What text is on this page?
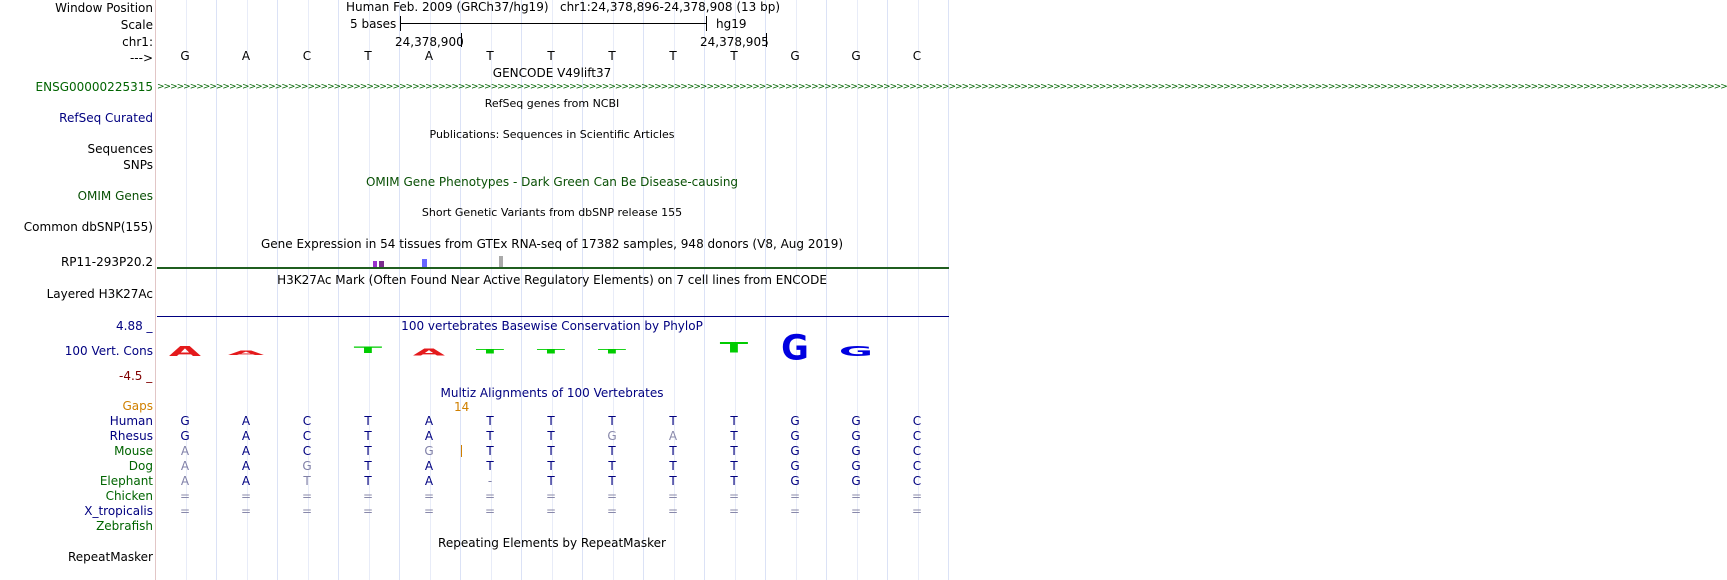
Window Position
Scale
chr1:
--->
Human Feb. 2009 (GRCh37/hg19) chr1:24,378,896-24,378,908 (13 bp)
5 bases	hg19
24,378,900	24,378,905
G	A	C	T	A	T	T	T	T	T	G	G	C
GENCODE V49lift37
ENSG00000225315 >>>>>>>>>>>>>>>>>>>>>>>>>>>>>>>>>>>>>>>>>>>>>>>>>>>>>>>>>>>>>>>>>>>>>>>>>>>>>>>>>>>>>>>>>>>>>>>>>>>>>>>>>>>>>>>>>>>>>>>>>>>>>>>>>>>>>>>>>>>>>>>>>>>>>>>>>>>>>>>>>>>>>>>>>>>>>>>>>>>>>>>>>>>>>>>>>>>>>>>>>>>>>>>>>>>>>>>>>>>>>>>>>>>>>>>>>>>>>>>>
RefSeq genes from NCBI
RefSeq Curated
Publications: Sequences in Scientific Articles
Sequences
SNPs
OMIM Gene Phenotypes - Dark Green Can Be Disease-causing
OMIM Genes
Short Genetic Variants from dbSNP release 155
Common dbSNP(155)
Gene Expression in 54 tissues from GTEx RNA-seq of 17382 samples, 948 donors (V8, Aug 2019)
RP11-293P20.2
H3K27Ac Mark (Often Found Near Active Regulatory Elements) on 7 cell lines from ENCODE
Layered H3K27Ac
100 vertebrates Basewise Conservation by PhyloP
4.88 _
100 Vert. Cons
-4.5 _
A A	T A T T T	T G G
Multiz Alignments of 100 Vertebrates
Gaps	14
Human G	A	C	T	A	T	T	T	T	T	G	G	C
Rhesus G	A	C	T	A	T	T	G	A	T	G	G	C
Mouse A	A	C	T	G	T	T	T	T	T	G	G	C
Dog A	A	G	T	A	T	T	T	T	T	G	G	C
Elephant A	A	T	T	A	-	T	T	T	T	G	G	C
Chicken =	=	=	=	=	=	=	=	=	=	=	=	=
X_tropicalis =	=	=	=	=	=	=	=	=	=	=	=	=
Zebrafish
Repeating Elements by RepeatMasker
RepeatMasker
